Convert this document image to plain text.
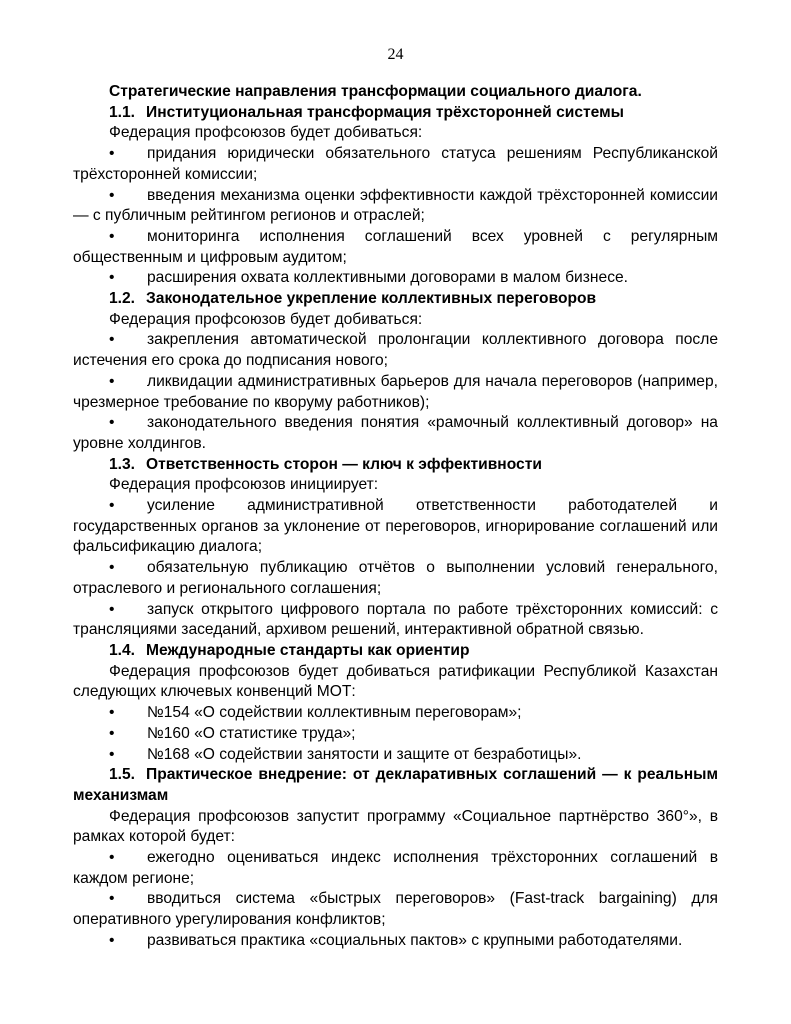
24

Стратегические направления трансформации социального диалога.

1.1. Институциональная трансформация трёхсторонней системы

Федерация профсоюзов будет добиваться:

• придания юридически обязательного статуса решениям Республиканской трёхсторонней комиссии;

• введения механизма оценки эффективности каждой трёхсторонней комиссии — с публичным рейтингом регионов и отраслей;

• мониторинга исполнения соглашений всех уровней с регулярным общественным и цифровым аудитом;

• расширения охвата коллективными договорами в малом бизнесе.

1.2. Законодательное укрепление коллективных переговоров

Федерация профсоюзов будет добиваться:

• закрепления автоматической пролонгации коллективного договора после истечения его срока до подписания нового;

• ликвидации административных барьеров для начала переговоров (например, чрезмерное требование по кворуму работников);

• законодательного введения понятия «рамочный коллективный договор» на уровне холдингов.

1.3. Ответственность сторон — ключ к эффективности

Федерация профсоюзов инициирует:

• усиление административной ответственности работодателей и государственных органов за уклонение от переговоров, игнорирование соглашений или фальсификацию диалога;

• обязательную публикацию отчётов о выполнении условий генерального, отраслевого и регионального соглашения;

• запуск открытого цифрового портала по работе трёхсторонних комиссий: с трансляциями заседаний, архивом решений, интерактивной обратной связью.

1.4. Международные стандарты как ориентир

Федерация профсоюзов будет добиваться ратификации Республикой Казахстан следующих ключевых конвенций МОТ:

• №154 «О содействии коллективным переговорам»;

• №160 «О статистике труда»;

• №168 «О содействии занятости и защите от безработицы».

1.5. Практическое внедрение: от декларативных соглашений — к реальным механизмам

Федерация профсоюзов запустит программу «Социальное партнёрство 360°», в рамках которой будет:

• ежегодно оцениваться индекс исполнения трёхсторонних соглашений в каждом регионе;

• вводиться система «быстрых переговоров» (Fast-track bargaining) для оперативного урегулирования конфликтов;

• развиваться практика «социальных пактов» с крупными работодателями.
